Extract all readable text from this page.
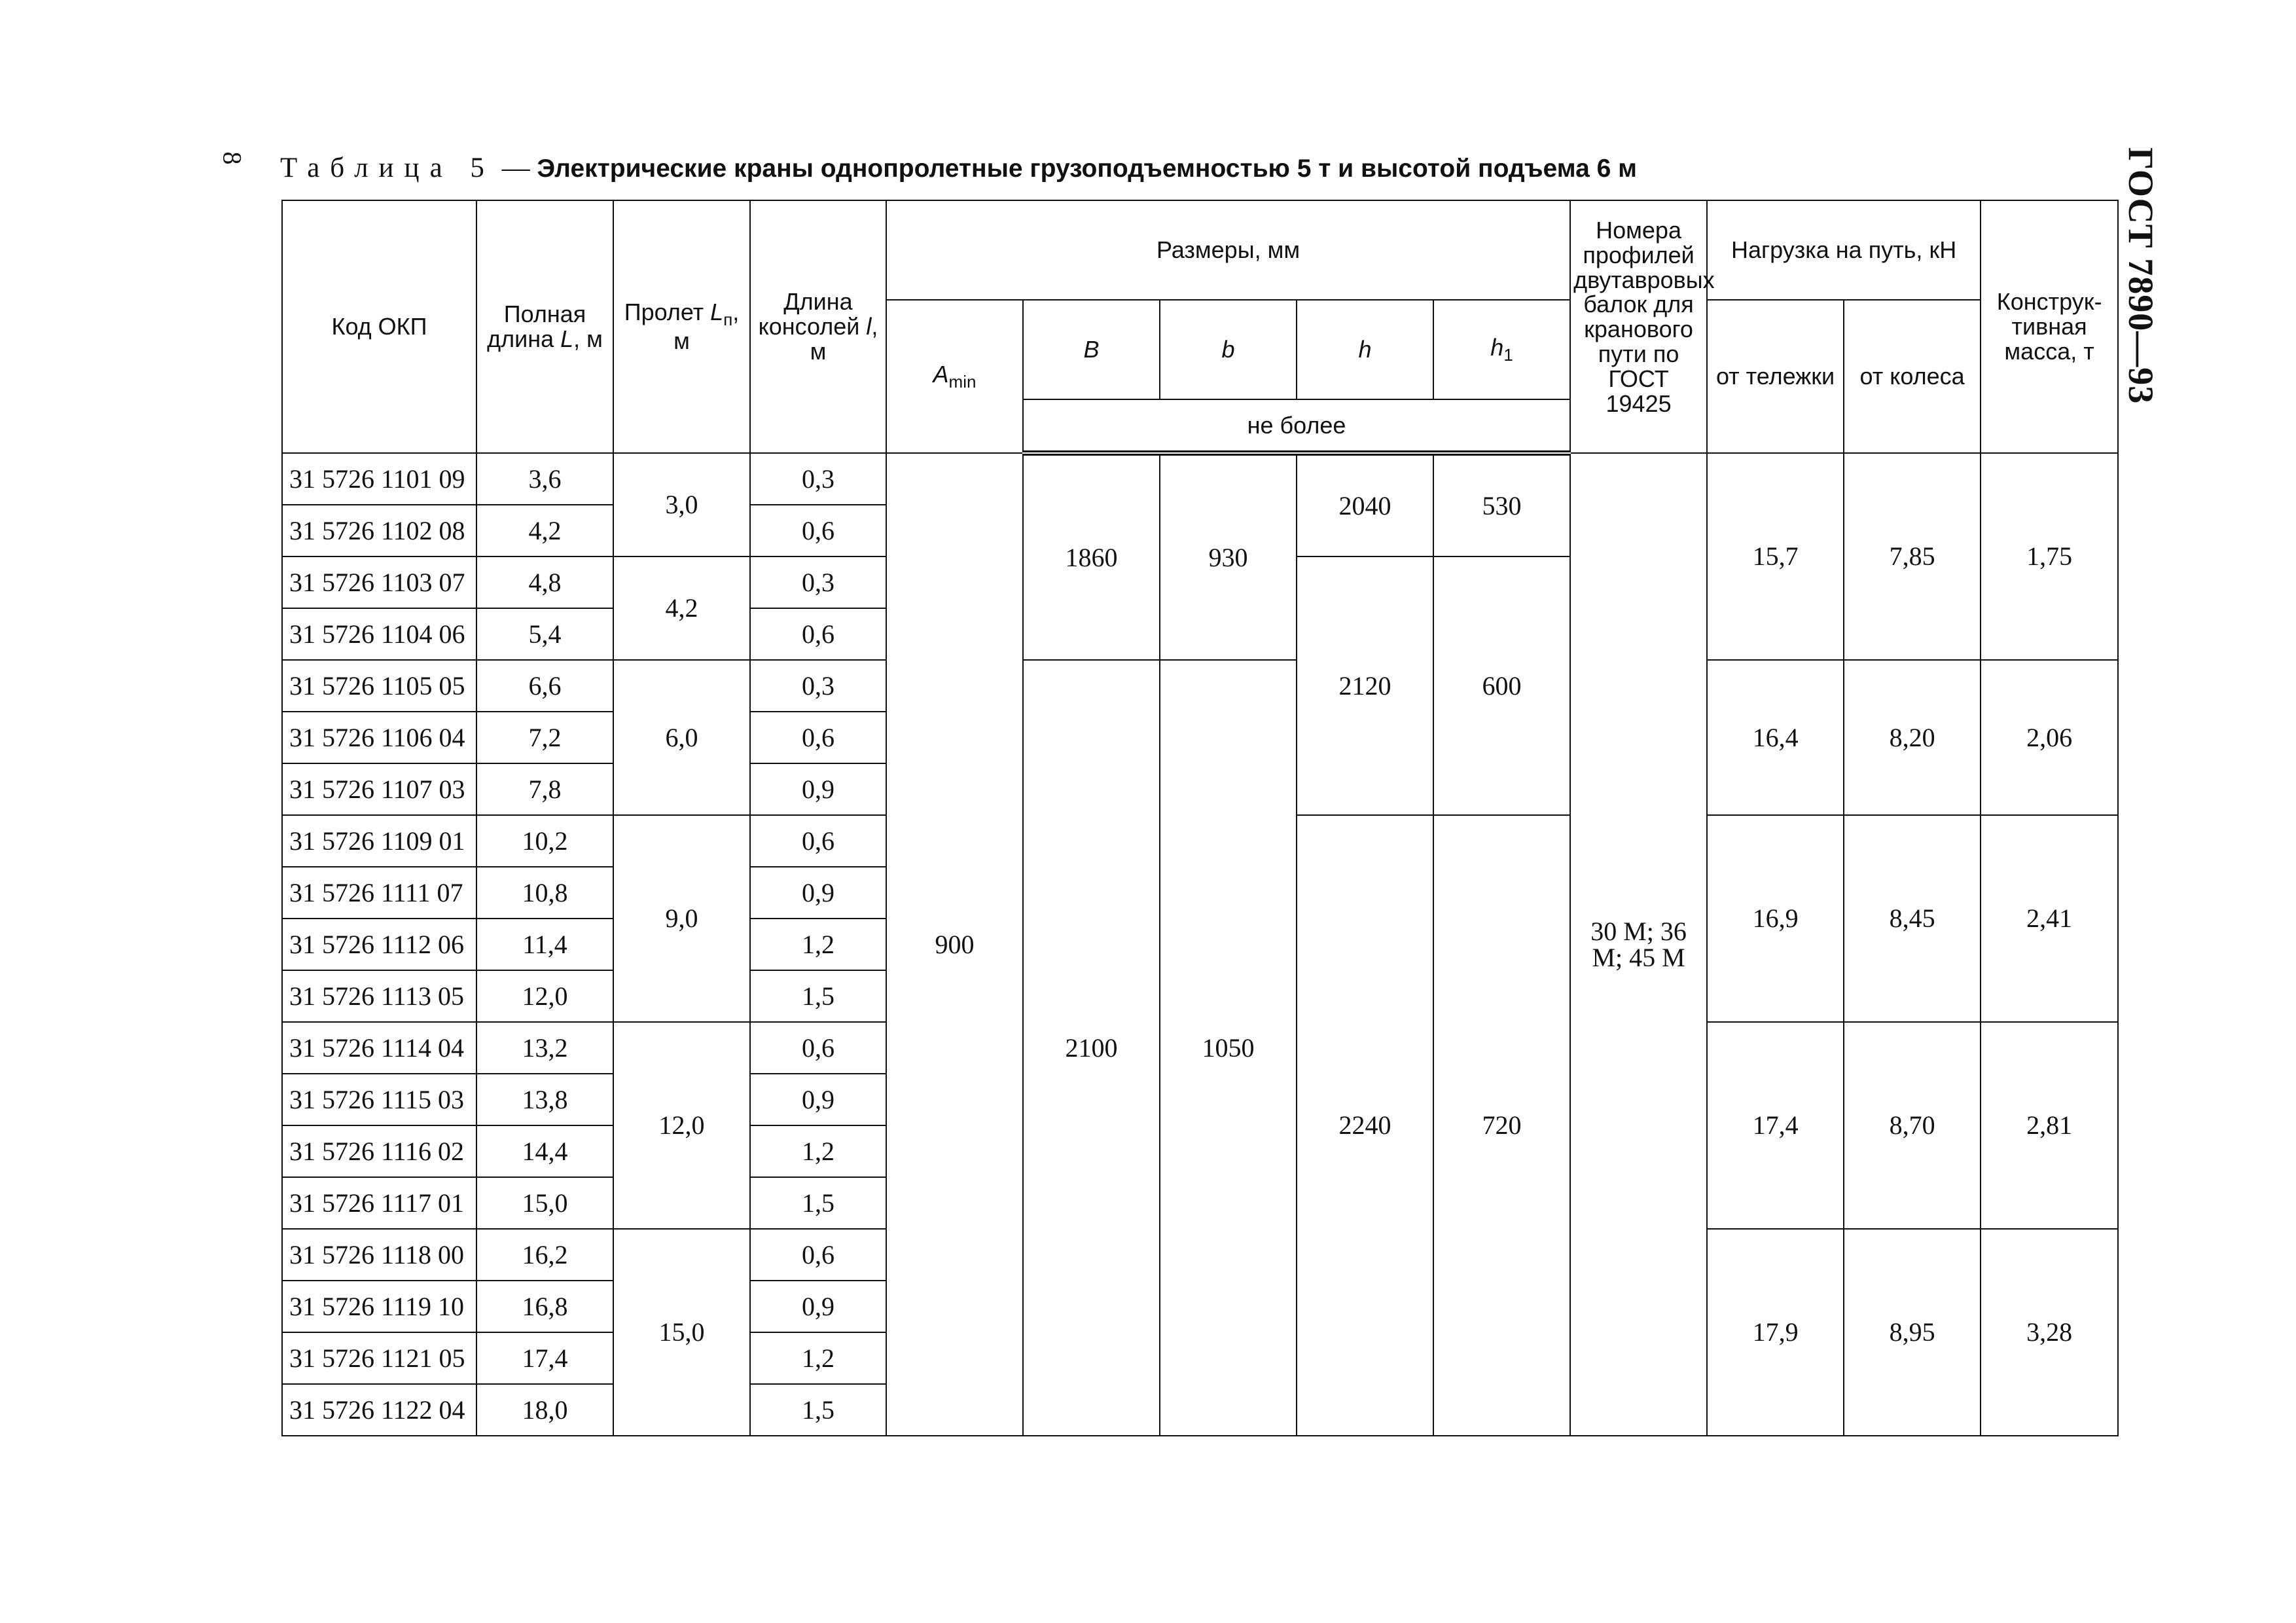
8	ГОСТ 7890—93
Таблица 5 — Электрические краны однопролетные грузоподъемностью 5 т и высотой подъема 6 м
Код ОКП	Полная длина L, м	Пролет $L_п$, м	Длина консолей l, м	Размеры, мм					Номера профилей двутавровых балок для кранового пути по ГОСТ 19425	Нагрузка на путь, кН		Конструк- тивная масса, т
				$A_{min}$	B	b	h	$h_1$		от тележки	от колеса	
					не более							
31 5726 1101 09	3,6	3,0	0,3	900	1860	930	2040	530	30 М; 36 М; 45 М	15,7	7,85	1,75
31 5726 1102 08	4,2		0,6									
31 5726 1103 07	4,8	4,2	0,3				2120	600				
31 5726 1104 06	5,4		0,6									
31 5726 1105 05	6,6	6,0	0,3		2100	1050				16,4	8,20	2,06
31 5726 1106 04	7,2		0,6									
31 5726 1107 03	7,8		0,9									
31 5726 1109 01	10,2	9,0	0,6				2240	720		16,9	8,45	2,41
31 5726 1111 07	10,8		0,9									
31 5726 1112 06	11,4		1,2									
31 5726 1113 05	12,0		1,5									
31 5726 1114 04	13,2	12,0	0,6							17,4	8,70	2,81
31 5726 1115 03	13,8		0,9									
31 5726 1116 02	14,4		1,2									
31 5726 1117 01	15,0		1,5									
31 5726 1118 00	16,2	15,0	0,6							17,9	8,95	3,28
31 5726 1119 10	16,8		0,9									
31 5726 1121 05	17,4		1,2									
31 5726 1122 04	18,0		1,5									
